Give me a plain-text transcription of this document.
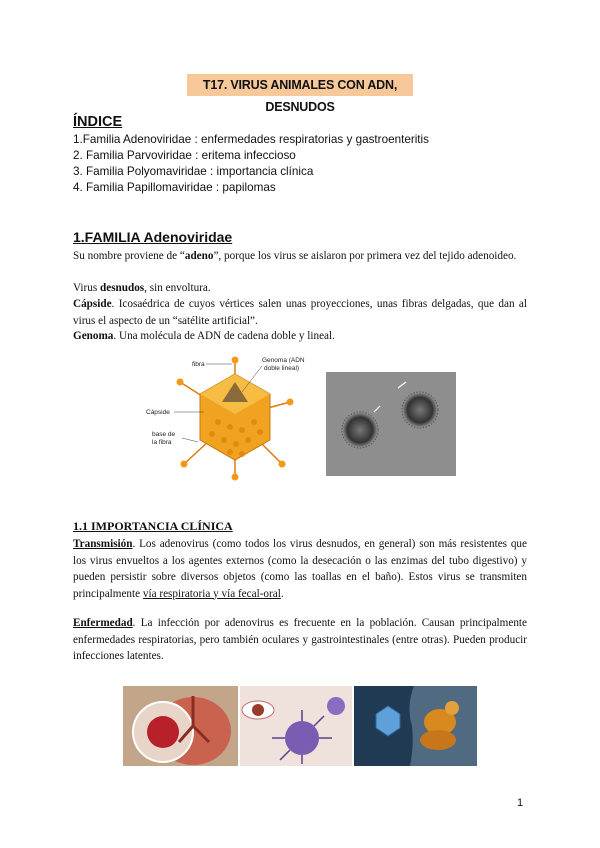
T17. VIRUS ANIMALES CON ADN, DESNUDOS
ÍNDICE
1.Familia Adenoviridae : enfermedades respiratorias y gastroenteritis
2. Familia Parvoviridae : eritema infeccioso
3. Familia Polyomaviridae : importancia clínica
4. Familia Papillomaviridae : papilomas
1.FAMILIA Adenoviridae
Su nombre proviene de “adeno”, porque los virus se aislaron por primera vez del tejido adenoideo.
Virus desnudos, sin envoltura.
Cápside. Icosaédrica de cuyos vértices salen unas proyecciones, unas fibras delgadas, que dan al virus el aspecto de un “satélite artificial”.
Genoma. Una molécula de ADN de cadena doble y lineal.
fibra
Genoma (ADN
doble lineal)
Cápside
base de
la fibra
1.1 IMPORTANCIA CLÍNICA
Transmisión. Los adenovirus (como todos los virus desnudos, en general) son más resistentes que los virus envueltos a los agentes externos (como la desecación o las enzimas del tubo digestivo) y pueden persistir sobre diversos objetos (como las toallas en el baño). Estos virus se transmiten principalmente vía respiratoria y vía fecal-oral.
Enfermedad. La infección por adenovirus es frecuente en la población. Causan principalmente enfermedades respiratorias, pero también oculares y gastrointestinales (entre otras). Pueden producir infecciones latentes.
1
